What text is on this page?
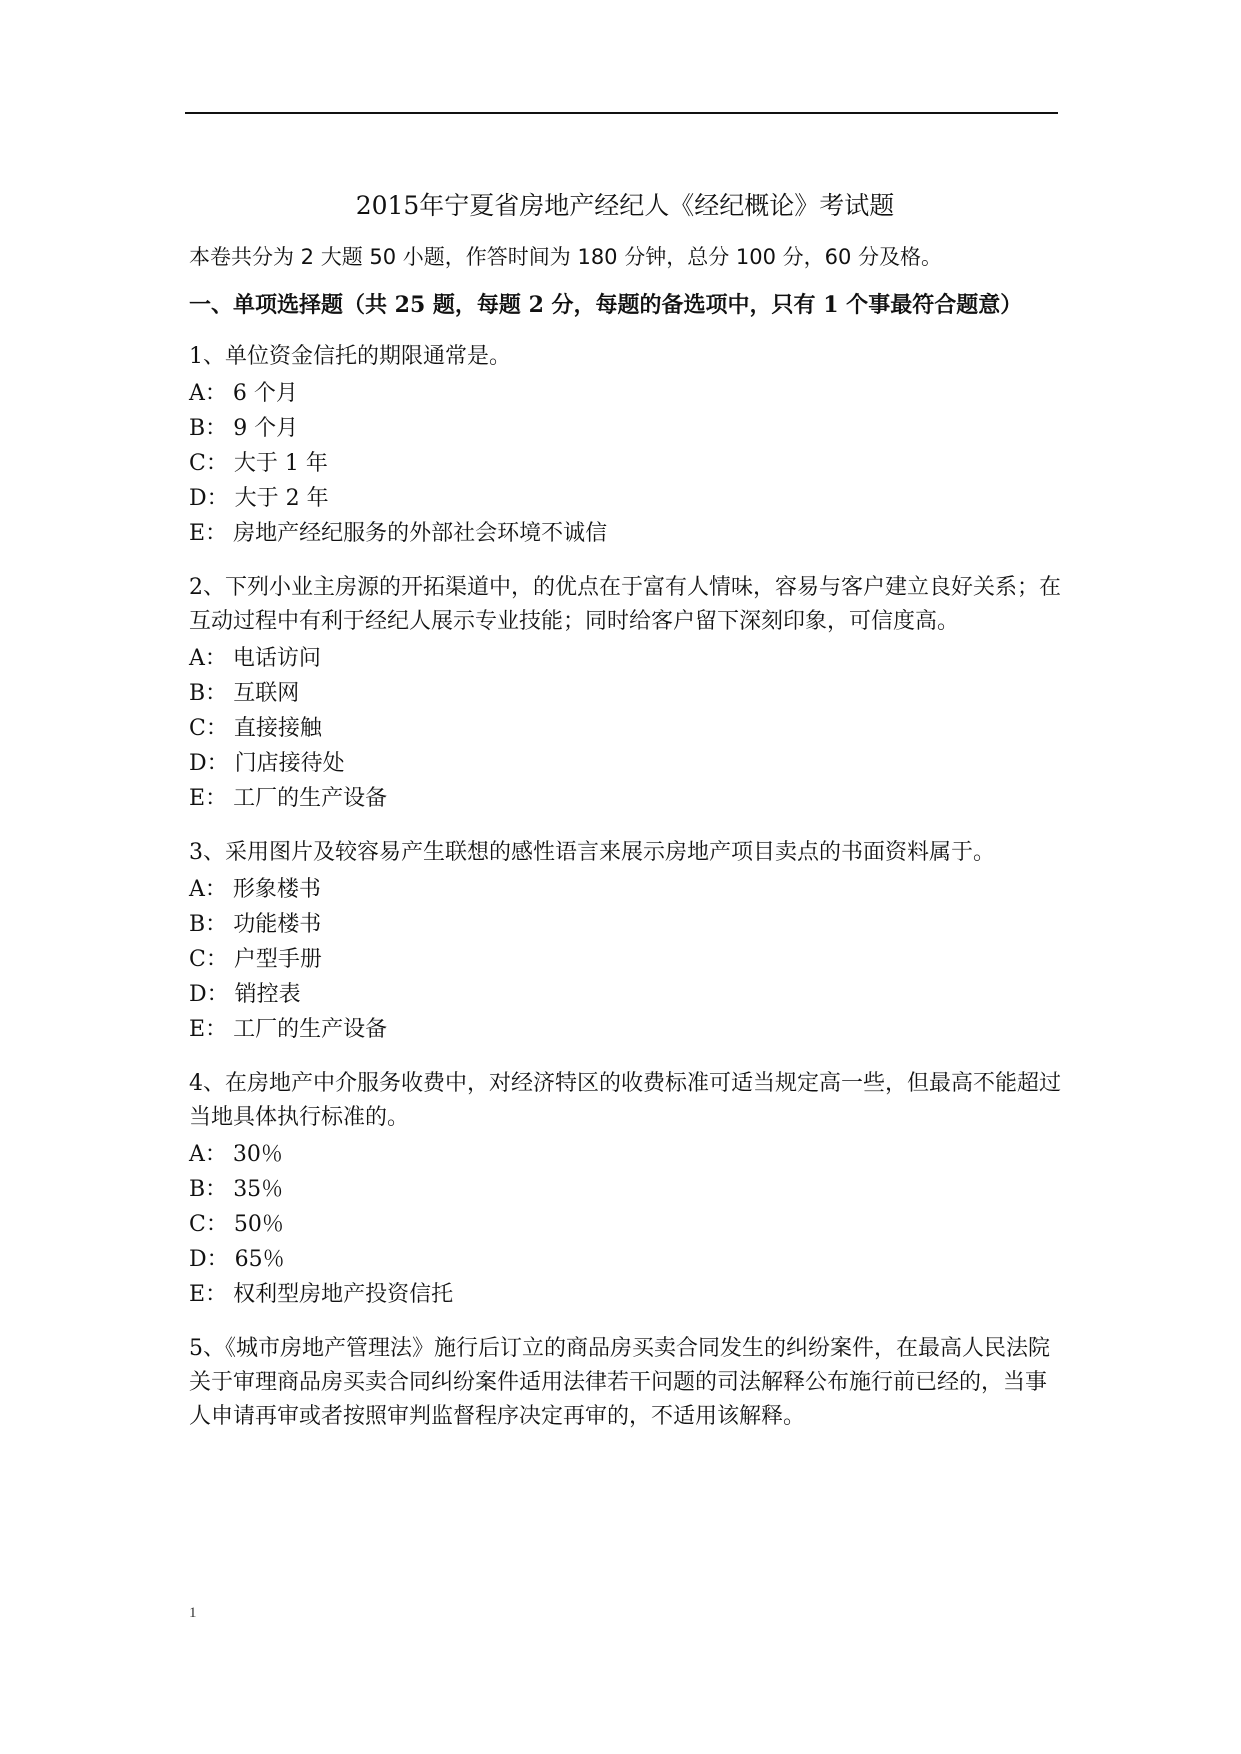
2015年宁夏省房地产经纪人《经纪概论》考试题

本卷共分为 2 大题 50 小题，作答时间为 180 分钟，总分 100 分，60 分及格。

一、单项选择题（共 25 题，每题 2 分，每题的备选项中，只有 1 个事最符合题意）

1、单位资金信托的期限通常是。

A ： 6 个月
B ： 9 个月
C ： 大于 1 年
D ： 大于 2 年
E ： 房地产经纪服务的外部社会环境不诚信

2、下列小业主房源的开拓渠道中，的优点在于富有人情味，容易与客户建立良好关系；在互动过程中有利于经纪人展示专业技能；同时给客户留下深刻印象，可信度高。

A ： 电话访问
B ： 互联网
C ： 直接接触
D ： 门店接待处
E ： 工厂的生产设备

3、采用图片及较容易产生联想的感性语言来展示房地产项目卖点的书面资料属于。

A ： 形象楼书
B ： 功能楼书
C ： 户型手册
D ： 销控表
E ： 工厂的生产设备

4、在房地产中介服务收费中，对经济特区的收费标准可适当规定高一些，但最高不能超过当地具体执行标准的。

A ： 30％
B ： 35％
C ： 50％
D ： 65％
E ： 权利型房地产投资信托

5、《城市房地产管理法》施行后订立的商品房买卖合同发生的纠纷案件，在最高人民法院关于审理商品房买卖合同纠纷案件适用法律若干问题的司法解释公布施行前已经的，当事人申请再审或者按照审判监督程序决定再审的，不适用该解释。

1
